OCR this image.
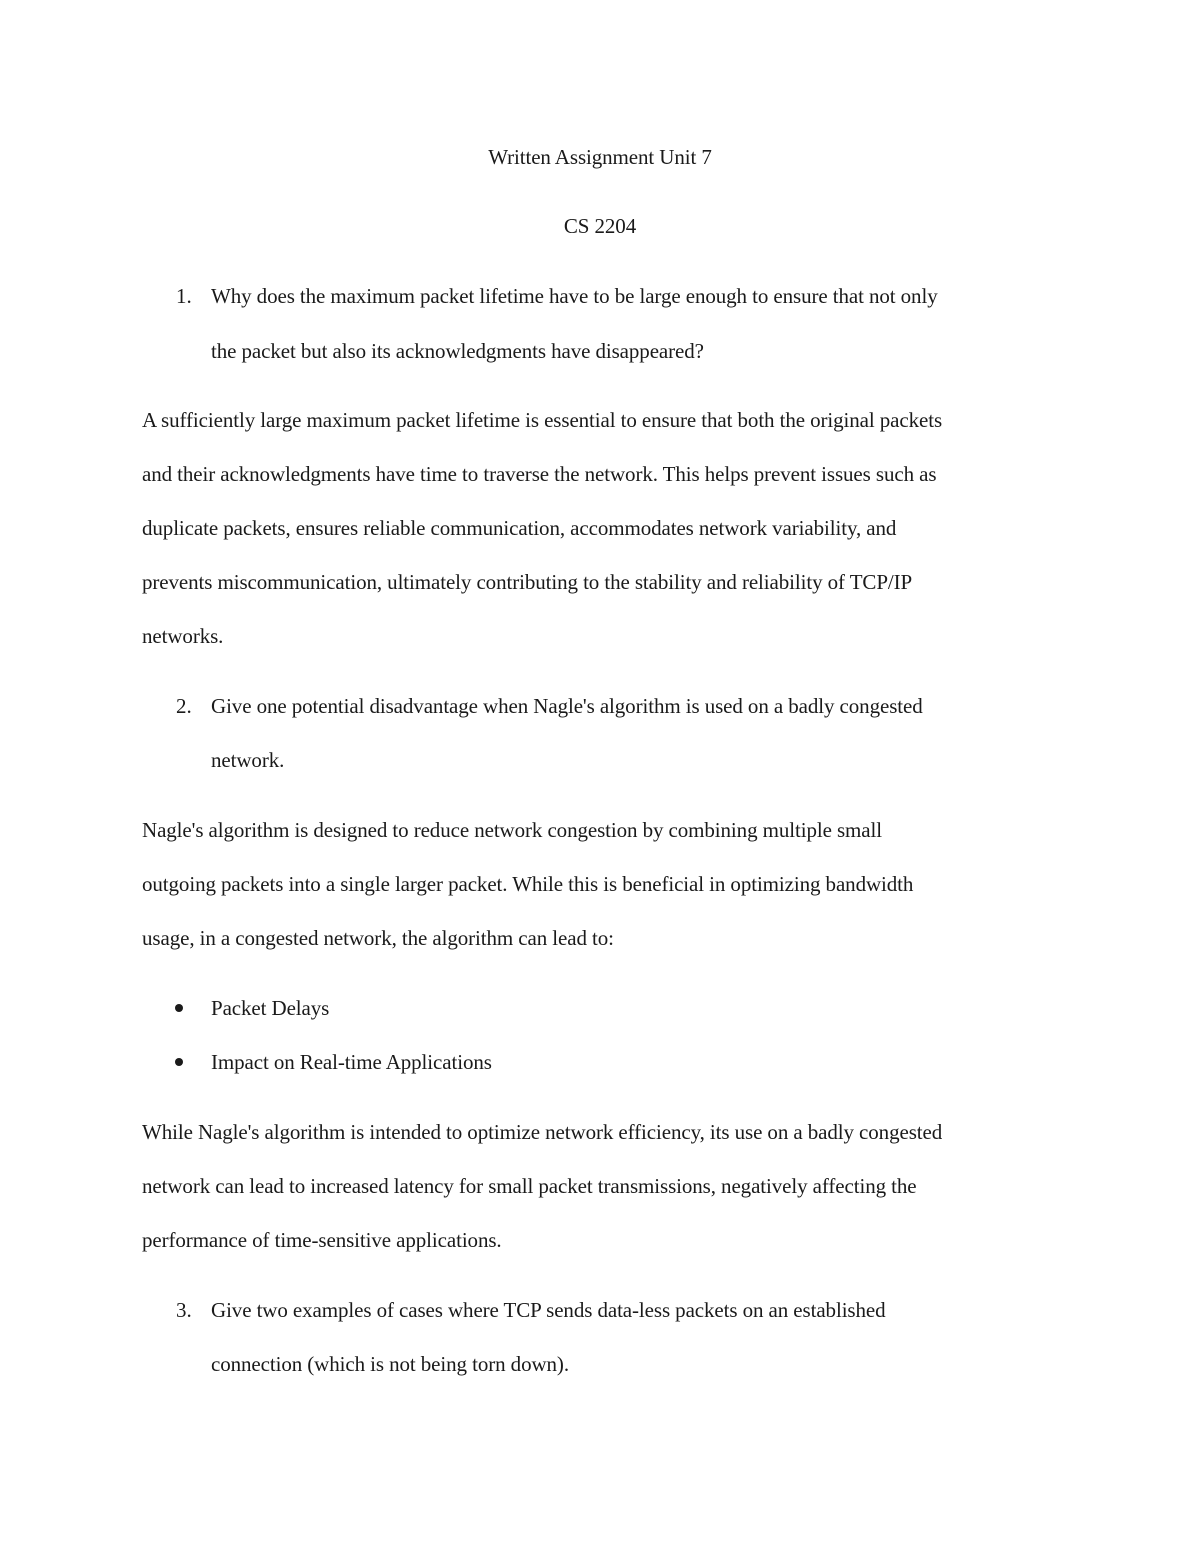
Written Assignment Unit 7
CS 2204
1. Why does the maximum packet lifetime have to be large enough to ensure that not only
the packet but also its acknowledgments have disappeared?
A sufficiently large maximum packet lifetime is essential to ensure that both the original packets
and their acknowledgments have time to traverse the network. This helps prevent issues such as
duplicate packets, ensures reliable communication, accommodates network variability, and
prevents miscommunication, ultimately contributing to the stability and reliability of TCP/IP
networks.
2. Give one potential disadvantage when Nagle's algorithm is used on a badly congested
network.
Nagle's algorithm is designed to reduce network congestion by combining multiple small
outgoing packets into a single larger packet. While this is beneficial in optimizing bandwidth
usage, in a congested network, the algorithm can lead to:
Packet Delays
Impact on Real-time Applications
While Nagle's algorithm is intended to optimize network efficiency, its use on a badly congested
network can lead to increased latency for small packet transmissions, negatively affecting the
performance of time-sensitive applications.
3. Give two examples of cases where TCP sends data-less packets on an established
connection (which is not being torn down).
